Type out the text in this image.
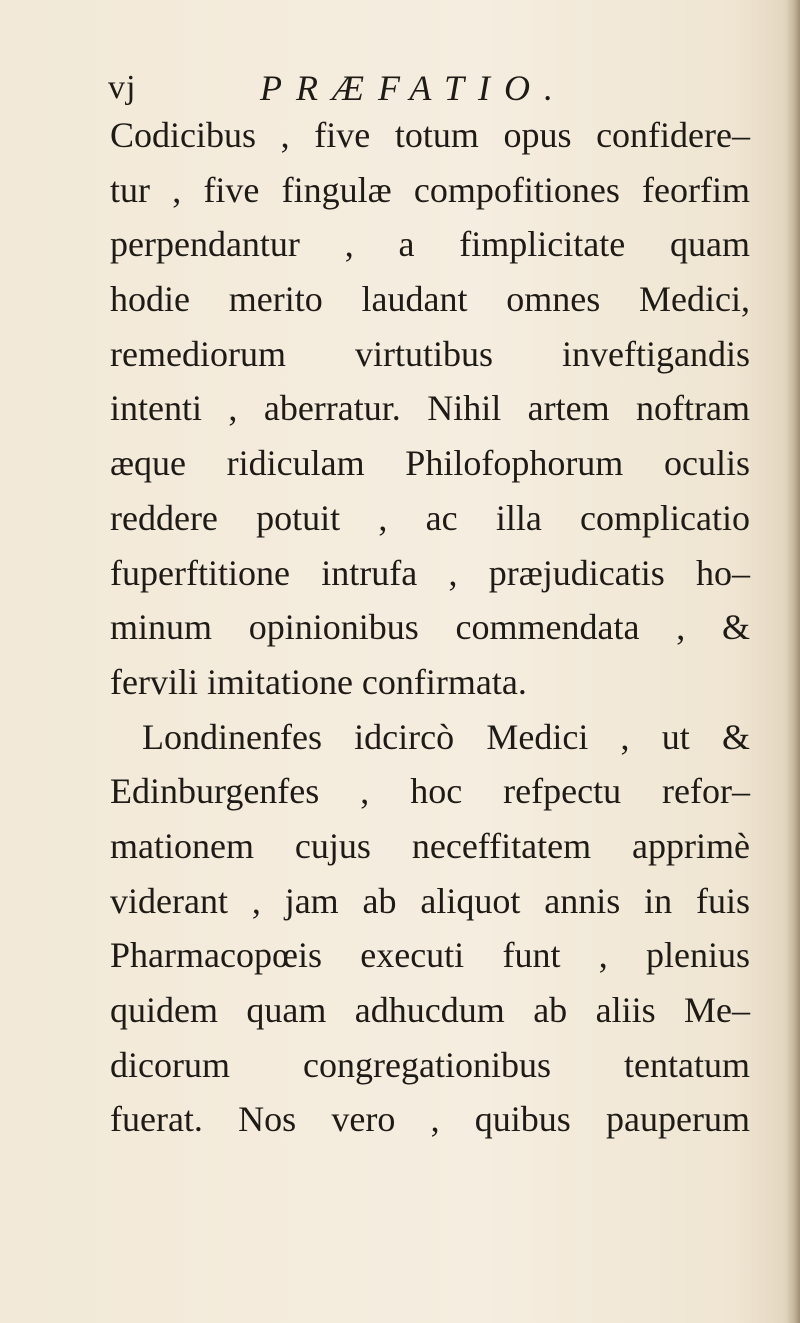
vj	PRÆFATIO.
Codicibus , five totum opus confidere–
tur , five fingulæ compofitiones feorfim
perpendantur , a fimplicitate quam
hodie merito laudant omnes Medici,
remediorum virtutibus inveftigandis
intenti , aberratur. Nihil artem noftram
æque ridiculam Philofophorum oculis
reddere potuit , ac illa complicatio
fuperftitione intrufa , præjudicatis ho–
minum opinionibus commendata , &
fervili imitatione confirmata.
Londinenfes idcircò Medici , ut &
Edinburgenfes , hoc refpectu refor–
mationem cujus neceffitatem apprimè
viderant , jam ab aliquot annis in fuis
Pharmacopœis executi funt , plenius
quidem quam adhucdum ab aliis Me–
dicorum congregationibus tentatum
fuerat. Nos vero , quibus pauperum
